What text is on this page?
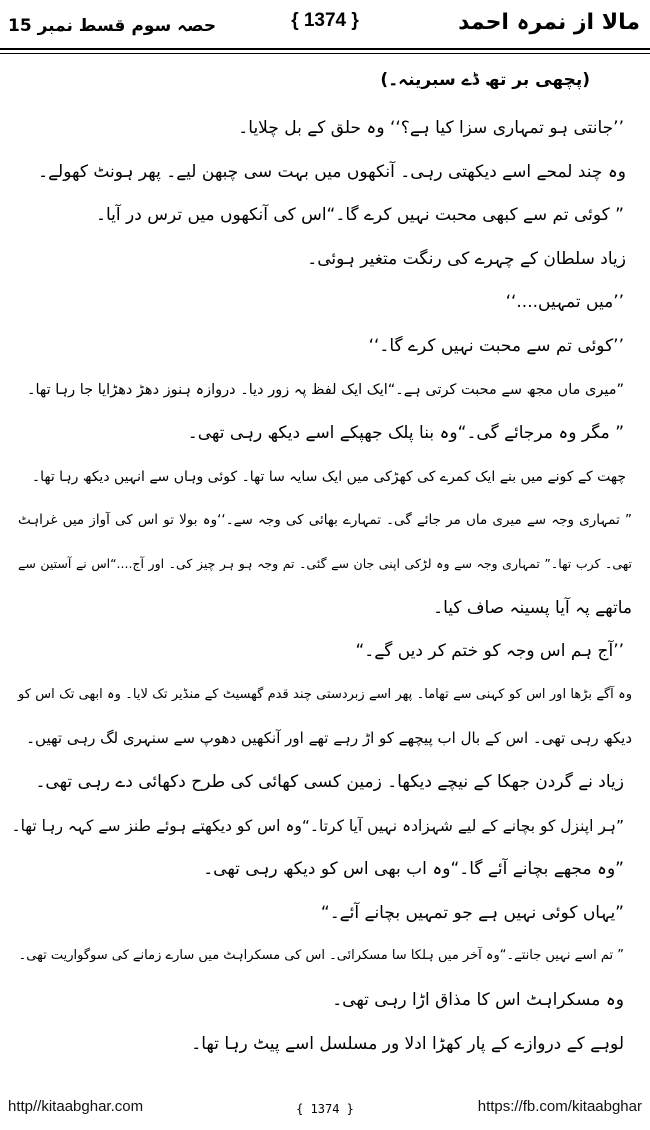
حصہ سوم قسط نمبر 15	{ 1374 }	مالا از نمرہ احمد
(پچھی بر تھ ڈے سبرینہ۔)
’’جانتی ہو تمہاری سزا کیا ہے؟‘‘ وہ حلق کے بل چلایا۔
وہ چند لمحے اسے دیکھتی رہی۔ آنکھوں میں بہت سی چبھن لیے۔ پھر ہونٹ کھولے۔
” کوئی تم سے کبھی محبت نہیں کرے گا۔“اس کی آنکھوں میں ترس در آیا۔
زیاد سلطان کے چہرے کی رنگت متغیر ہوئی۔
’’میں تمہیں....‘‘
’’کوئی تم سے محبت نہیں کرے گا۔‘‘
”میری ماں مجھ سے محبت کرتی ہے۔“ایک ایک لفظ پہ زور دیا۔ دروازہ ہنوز دھڑ دھڑایا جا رہا تھا۔
” مگر وہ مرجائے گی۔“وہ بنا پلک جھپکے اسے دیکھ رہی تھی۔
چھت کے کونے میں بنے ایک کمرے کی کھڑکی میں ایک سایہ سا تھا۔ کوئی وہاں سے انہیں دیکھ رہا تھا۔
” تمہاری وجہ سے میری ماں مر جائے گی۔ تمہارے بھائی کی وجہ سے۔‘‘وہ بولا تو اس کی آواز میں غراہٹ
تھی۔ کرب تھا۔” تمہاری وجہ سے وہ لڑکی اپنی جان سے گئی۔ تم وجہ ہو ہر چیز کی۔ اور آج....“اس نے آستین سے
ماتھے پہ آیا پسینہ صاف کیا۔
’’آج ہم اس وجہ کو ختم کر دیں گے۔“
وہ آگے بڑھا اور اس کو کہنی سے تھاما۔ پھر اسے زبردستی چند قدم گھسیٹ کے منڈیر تک لایا۔ وہ ابھی تک اس کو
دیکھ رہی تھی۔ اس کے بال اب پیچھے کو اڑ رہے تھے اور آنکھیں دھوپ سے سنہری لگ رہی تھیں۔
زیاد نے گردن جھکا کے نیچے دیکھا۔ زمین کسی کھائی کی طرح دکھائی دے رہی تھی۔
”ہر اپنزل کو بچانے کے لیے شہزادہ نہیں آیا کرتا۔“وہ اس کو دیکھتے ہوئے طنز سے کہہ رہا تھا۔
”وہ مجھے بچانے آئے گا۔“وہ اب بھی اس کو دیکھ رہی تھی۔
”یہاں کوئی نہیں ہے جو تمہیں بچانے آئے۔“
” تم اسے نہیں جانتے۔“وہ آخر میں ہلکا سا مسکرائی۔ اس کی مسکراہٹ میں سارے زمانے کی سوگواریت تھی۔
وہ مسکراہٹ اس کا مذاق اڑا رہی تھی۔
لوہے کے دروازے کے پار کھڑا ادلا ور مسلسل اسے پیٹ رہا تھا۔
http//kitaabghar.com	{ 1374 }	https://fb.com/kitaabghar
